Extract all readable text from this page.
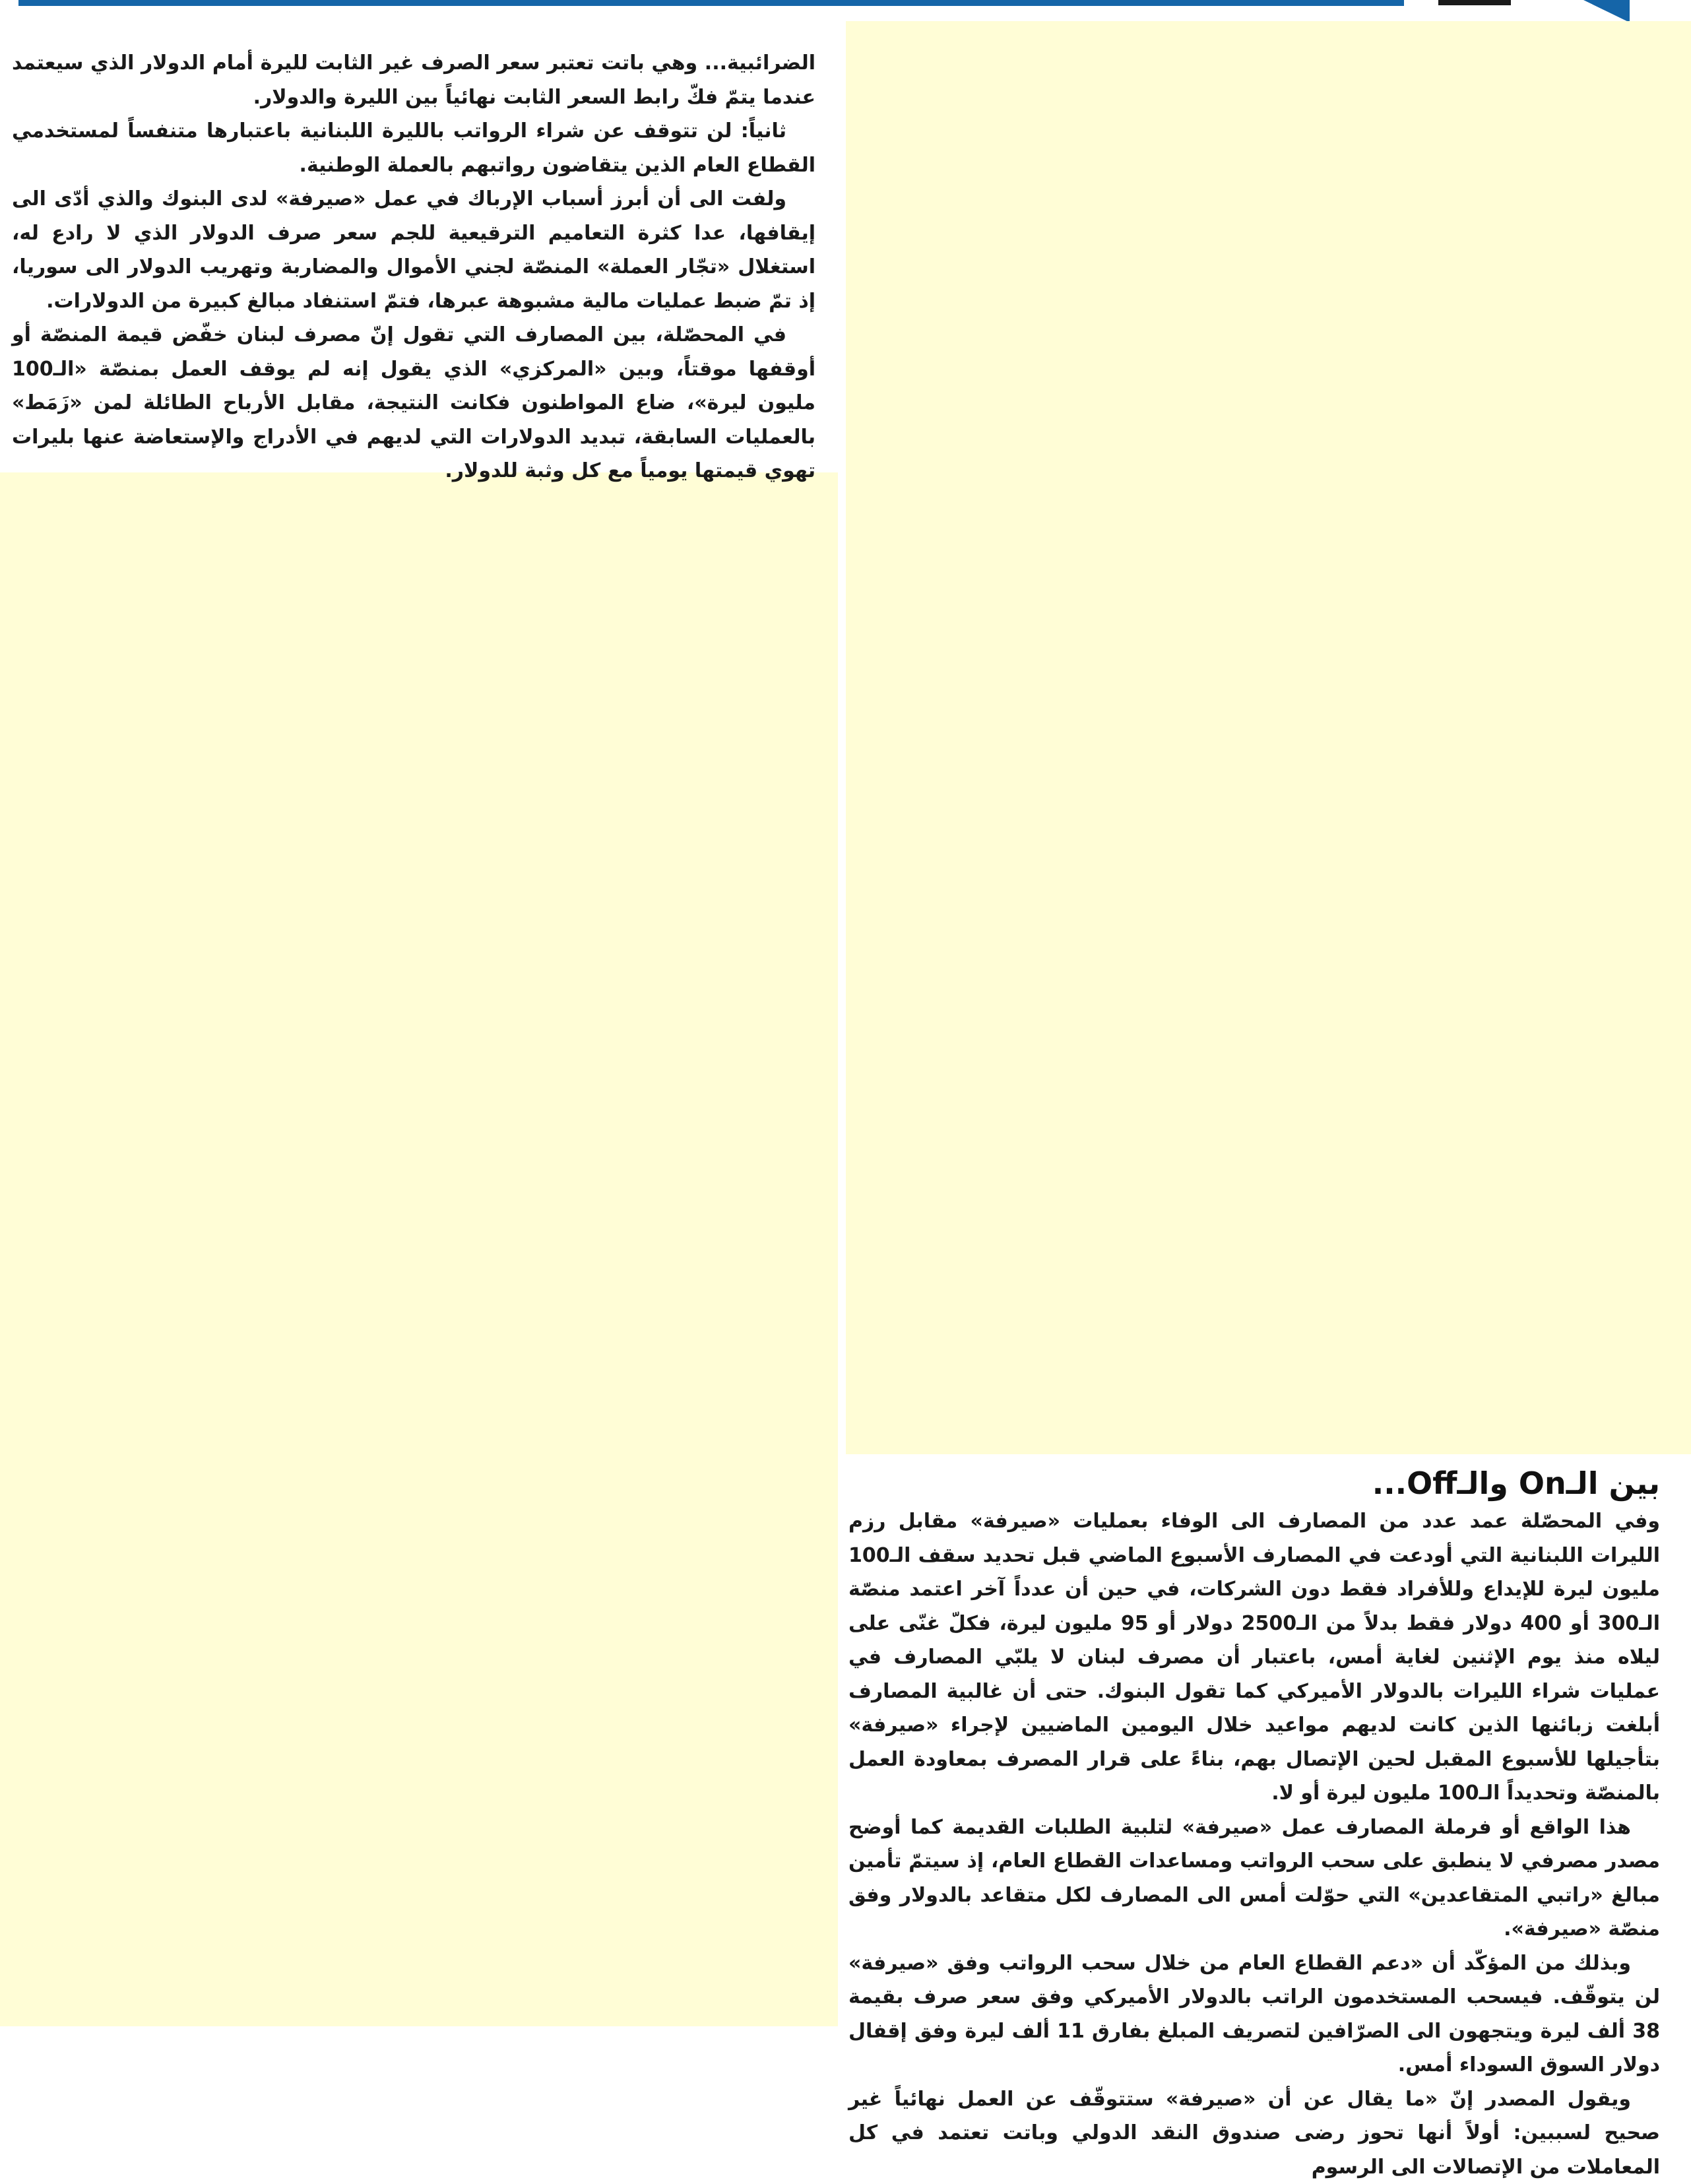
الضرائبية... وهي باتت تعتبر سعر الصرف غير الثابت لليرة أمام الدولار الذي سيعتمد عندما يتمّ فكّ رابط السعر الثابت نهائياً بين الليرة والدولار.

ثانياً: لن تتوقف عن شراء الرواتب بالليرة اللبنانية باعتبارها متنفساً لمستخدمي القطاع العام الذين يتقاضون رواتبهم بالعملة الوطنية.

ولفت الى أن أبرز أسباب الإرباك في عمل «صيرفة» لدى البنوك والذي أدّى الى إيقافها، عدا كثرة التعاميم الترقيعية للجم سعر صرف الدولار الذي لا رادع له، استغلال «تجّار العملة» المنصّة لجني الأموال والمضاربة وتهريب الدولار الى سوريا، إذ تمّ ضبط عمليات مالية مشبوهة عبرها، فتمّ استنفاد مبالغ كبيرة من الدولارات.

في المحصّلة، بين المصارف التي تقول إنّ مصرف لبنان خفّض قيمة المنصّة أو أوقفها موقتاً، وبين «المركزي» الذي يقول إنه لم يوقف العمل بمنصّة «الـ100 مليون ليرة»، ضاع المواطنون فكانت النتيجة، مقابل الأرباح الطائلة لمن «زَمَط» بالعمليات السابقة، تبديد الدولارات التي لديهم في الأدراج والإستعاضة عنها بليرات تهوي قيمتها يومياً مع كل وثبة للدولار.

بين الـOn والـOff...

وفي المحصّلة عمد عدد من المصارف الى الوفاء بعمليات «صيرفة» مقابل رزم الليرات اللبنانية التي أودعت في المصارف الأسبوع الماضي قبل تحديد سقف الـ100 مليون ليرة للإيداع وللأفراد فقط دون الشركات، في حين أن عدداً آخر اعتمد منصّة الـ300 أو 400 دولار فقط بدلاً من الـ2500 دولار أو 95 مليون ليرة، فكلّ غنّى على ليلاه منذ يوم الإثنين لغاية أمس، باعتبار أن مصرف لبنان لا يلبّي المصارف في عمليات شراء الليرات بالدولار الأميركي كما تقول البنوك. حتى أن غالبية المصارف أبلغت زبائنها الذين كانت لديهم مواعيد خلال اليومين الماضيين لإجراء «صيرفة» بتأجيلها للأسبوع المقبل لحين الإتصال بهم، بناءً على قرار المصرف بمعاودة العمل بالمنصّة وتحديداً الـ100 مليون ليرة أو لا.

هذا الواقع أو فرملة المصارف عمل «صيرفة» لتلبية الطلبات القديمة كما أوضح مصدر مصرفي لا ينطبق على سحب الرواتب ومساعدات القطاع العام، إذ سيتمّ تأمين مبالغ «راتبي المتقاعدين» التي حوّلت أمس الى المصارف لكل متقاعد بالدولار وفق منصّة «صيرفة».

وبذلك من المؤكّد أن «دعم القطاع العام من خلال سحب الرواتب وفق «صيرفة» لن يتوقّف. فيسحب المستخدمون الراتب بالدولار الأميركي وفق سعر صرف بقيمة 38 ألف ليرة ويتجهون الى الصرّافين لتصريف المبلغ بفارق 11 ألف ليرة وفق إقفال دولار السوق السوداء أمس.

ويقول المصدر إنّ «ما يقال عن أن «صيرفة» ستتوقّف عن العمل نهائياً غير صحيح لسببين: أولاً أنها تحوز رضى صندوق النقد الدولي وباتت تعتمد في كل المعاملات من الإتصالات الى الرسوم
